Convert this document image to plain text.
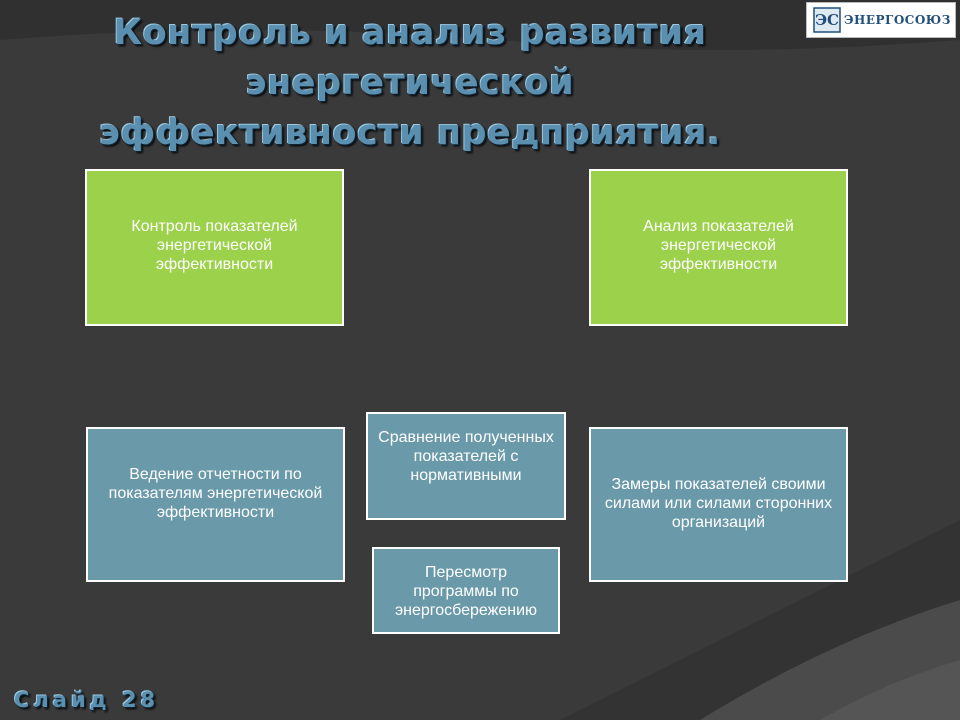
Контроль и анализ развития энергетической эффективности предприятия.
ЭС ЭНЕРГОСОЮЗ
Контроль показателей энергетической эффективности
Анализ показателей энергетической эффективности
Ведение отчетности по показателям энергетической эффективности
Сравнение полученных показателей с нормативными
Замеры показателей своими силами или силами сторонних организаций
Пересмотр программы по энергосбережению
Слайд 28
